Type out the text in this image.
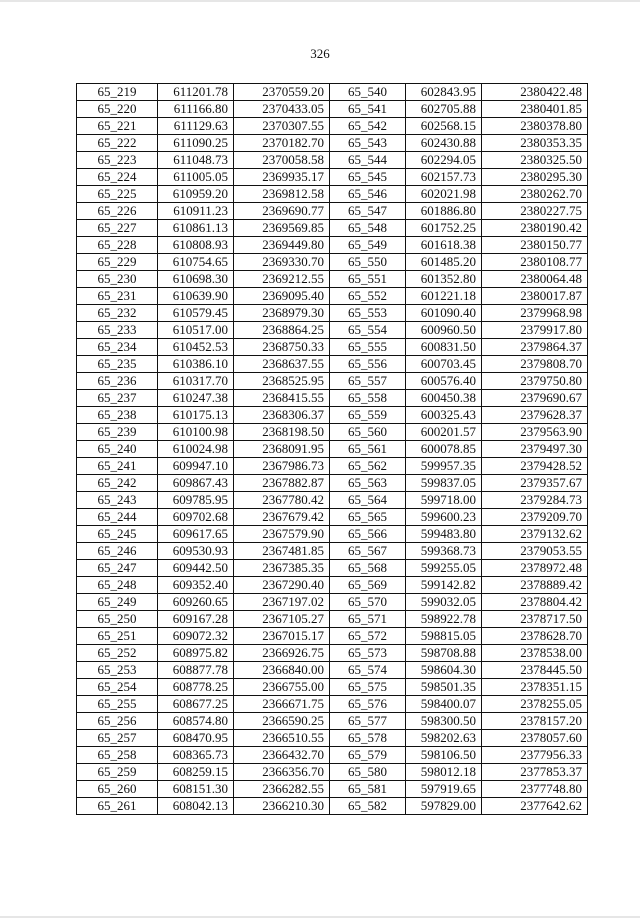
326
65_219	611201.78	2370559.20	65_540	602843.95	2380422.48
65_220	611166.80	2370433.05	65_541	602705.88	2380401.85
65_221	611129.63	2370307.55	65_542	602568.15	2380378.80
65_222	611090.25	2370182.70	65_543	602430.88	2380353.35
65_223	611048.73	2370058.58	65_544	602294.05	2380325.50
65_224	611005.05	2369935.17	65_545	602157.73	2380295.30
65_225	610959.20	2369812.58	65_546	602021.98	2380262.70
65_226	610911.23	2369690.77	65_547	601886.80	2380227.75
65_227	610861.13	2369569.85	65_548	601752.25	2380190.42
65_228	610808.93	2369449.80	65_549	601618.38	2380150.77
65_229	610754.65	2369330.70	65_550	601485.20	2380108.77
65_230	610698.30	2369212.55	65_551	601352.80	2380064.48
65_231	610639.90	2369095.40	65_552	601221.18	2380017.87
65_232	610579.45	2368979.30	65_553	601090.40	2379968.98
65_233	610517.00	2368864.25	65_554	600960.50	2379917.80
65_234	610452.53	2368750.33	65_555	600831.50	2379864.37
65_235	610386.10	2368637.55	65_556	600703.45	2379808.70
65_236	610317.70	2368525.95	65_557	600576.40	2379750.80
65_237	610247.38	2368415.55	65_558	600450.38	2379690.67
65_238	610175.13	2368306.37	65_559	600325.43	2379628.37
65_239	610100.98	2368198.50	65_560	600201.57	2379563.90
65_240	610024.98	2368091.95	65_561	600078.85	2379497.30
65_241	609947.10	2367986.73	65_562	599957.35	2379428.52
65_242	609867.43	2367882.87	65_563	599837.05	2379357.67
65_243	609785.95	2367780.42	65_564	599718.00	2379284.73
65_244	609702.68	2367679.42	65_565	599600.23	2379209.70
65_245	609617.65	2367579.90	65_566	599483.80	2379132.62
65_246	609530.93	2367481.85	65_567	599368.73	2379053.55
65_247	609442.50	2367385.35	65_568	599255.05	2378972.48
65_248	609352.40	2367290.40	65_569	599142.82	2378889.42
65_249	609260.65	2367197.02	65_570	599032.05	2378804.42
65_250	609167.28	2367105.27	65_571	598922.78	2378717.50
65_251	609072.32	2367015.17	65_572	598815.05	2378628.70
65_252	608975.82	2366926.75	65_573	598708.88	2378538.00
65_253	608877.78	2366840.00	65_574	598604.30	2378445.50
65_254	608778.25	2366755.00	65_575	598501.35	2378351.15
65_255	608677.25	2366671.75	65_576	598400.07	2378255.05
65_256	608574.80	2366590.25	65_577	598300.50	2378157.20
65_257	608470.95	2366510.55	65_578	598202.63	2378057.60
65_258	608365.73	2366432.70	65_579	598106.50	2377956.33
65_259	608259.15	2366356.70	65_580	598012.18	2377853.37
65_260	608151.30	2366282.55	65_581	597919.65	2377748.80
65_261	608042.13	2366210.30	65_582	597829.00	2377642.62
